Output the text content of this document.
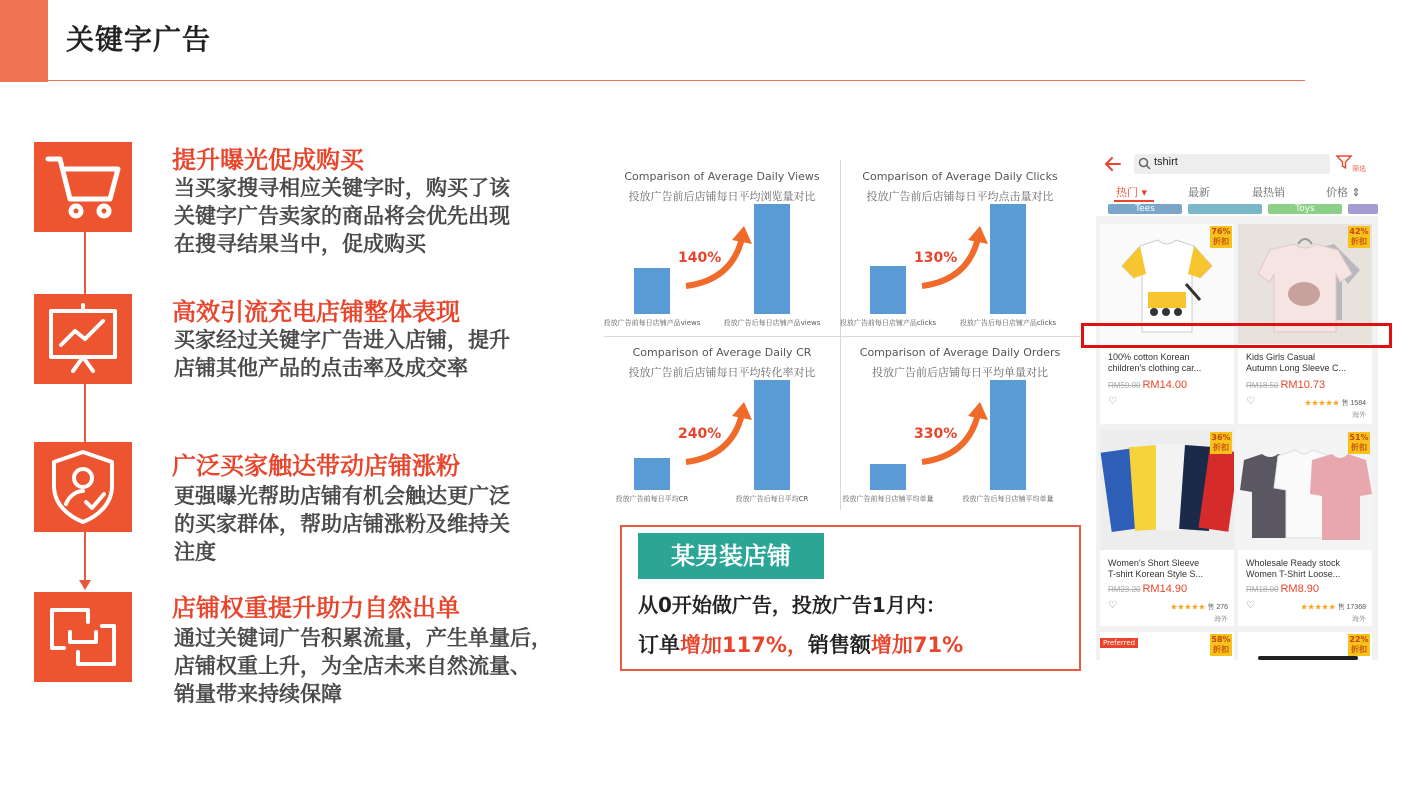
关键字广告
提升曝光促成购买
当买家搜寻相应关键字时，购买了该
关键字广告卖家的商品将会优先出现
在搜寻结果当中，促成购买
高效引流充电店铺整体表现
买家经过关键字广告进入店铺，提升
店铺其他产品的点击率及成交率
广泛买家触达带动店铺涨粉
更强曝光帮助店铺有机会触达更广泛
的买家群体，帮助店铺涨粉及维持关
注度
店铺权重提升助力自然出单
通过关键词广告积累流量，产生单量后，
店铺权重上升，为全店未来自然流量、
销量带来持续保障
Comparison of Average Daily Views
投放广告前后店铺每日平均浏览量对比
投放广告前每日店铺产品views	投放广告后每日店铺产品views
140%
Comparison of Average Daily Clicks
投放广告前后店铺每日平均点击量对比
投放广告前每日店铺产品clicks	投放广告后每日店铺产品clicks
130%
Comparison of Average Daily CR
投放广告前后店铺每日平均转化率对比
投放广告前每日平均CR	投放广告后每日平均CR
240%
Comparison of Average Daily Orders
投放广告前后店铺每日平均单量对比
投放广告前每日店铺平均单量	投放广告后每日店铺平均单量
330%
某男装店铺
从0开始做广告，投放广告1月内：
订单增加117%，销售额增加71%
tshirt
筛选
热门 ▾	最新	最热销	价格 ⇕
Tees	Toys
76%
折扣
100% cotton Korean
children's clothing car...
RM59.00 RM14.00
♡
42%
折扣
Kids Girls Casual
Autumn Long Sleeve C...
RM18.50 RM10.73
♡	★★★★★ 售 1584
海外
36%
折扣
Women's Short Sleeve
T-shirt Korean Style S...
RM23.20 RM14.90
♡	★★★★★ 售 276
海外
51%
折扣
Wholesale Ready stock
Women T-Shirt Loose...
RM18.00 RM8.90
♡	★★★★★ 售 17368
海外
Preferred	58%
折扣
22%
折扣
